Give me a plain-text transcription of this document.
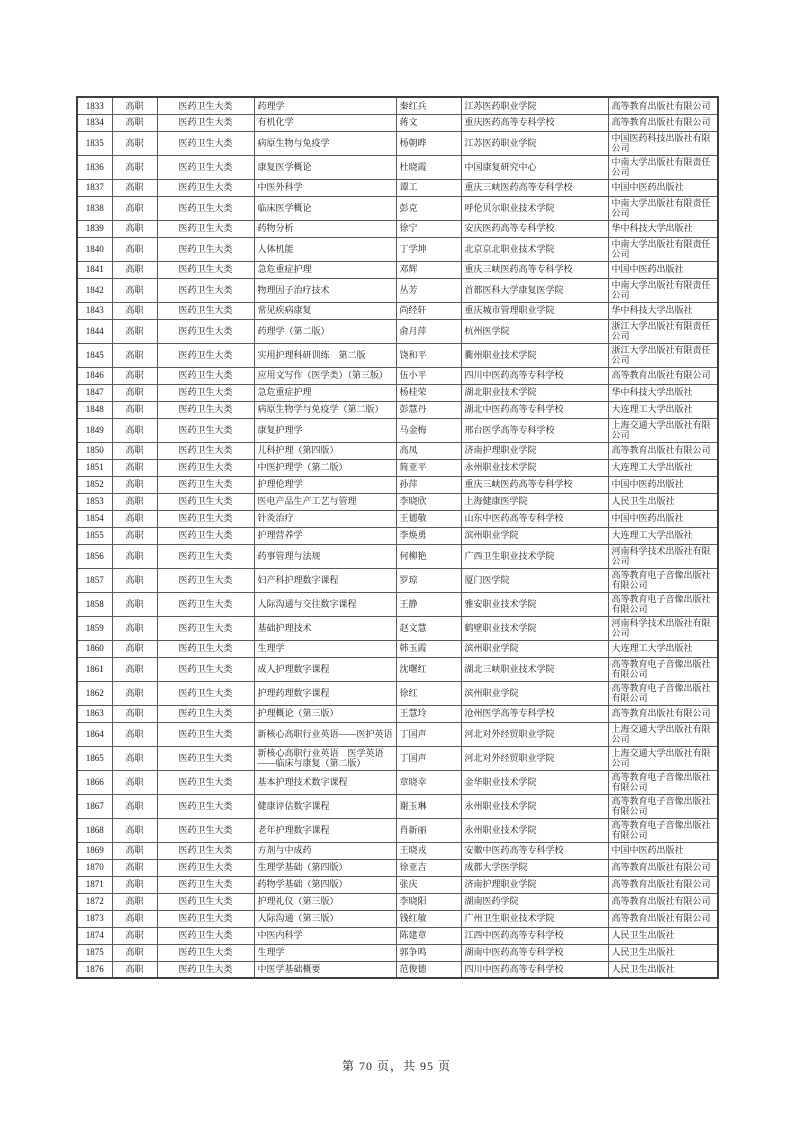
1833	高职	医药卫生大类	药理学	秦红兵	江苏医药职业学院	高等教育出版社有限公司
1834	高职	医药卫生大类	有机化学	蒋文	重庆医药高等专科学校	高等教育出版社有限公司
1835	高职	医药卫生大类	病原生物与免疫学	杨朝晔	江苏医药职业学院	中国医药科技出版社有限公司
1836	高职	医药卫生大类	康复医学概论	杜晓霞	中国康复研究中心	中南大学出版社有限责任公司
1837	高职	医药卫生大类	中医外科学	谭工	重庆三峡医药高等专科学校	中国中医药出版社
1838	高职	医药卫生大类	临床医学概论	彭克	呼伦贝尔职业技术学院	中南大学出版社有限责任公司
1839	高职	医药卫生大类	药物分析	徐宁	安庆医药高等专科学校	华中科技大学出版社
1840	高职	医药卫生大类	人体机能	丁学坤	北京京北职业技术学院	中南大学出版社有限责任公司
1841	高职	医药卫生大类	急危重症护理	邓辉	重庆三峡医药高等专科学校	中国中医药出版社
1842	高职	医药卫生大类	物理因子治疗技术	丛芳	首都医科大学康复医学院	中南大学出版社有限责任公司
1843	高职	医药卫生大类	常见疾病康复	尚经轩	重庆城市管理职业学院	华中科技大学出版社
1844	高职	医药卫生大类	药理学（第二版）	俞月萍	杭州医学院	浙江大学出版社有限责任公司
1845	高职	医药卫生大类	实用护理科研训练　第二版	饶和平	衢州职业技术学院	浙江大学出版社有限责任公司
1846	高职	医药卫生大类	应用文写作（医学类）（第三版）	伍小平	四川中医药高等专科学校	高等教育出版社有限公司
1847	高职	医药卫生大类	急危重症护理	杨桂荣	湖北职业技术学院	华中科技大学出版社
1848	高职	医药卫生大类	病原生物学与免疫学（第二版）	彭慧丹	湖北中医药高等专科学校	大连理工大学出版社
1849	高职	医药卫生大类	康复护理学	马金梅	邢台医学高等专科学校	上海交通大学出版社有限公司
1850	高职	医药卫生大类	儿科护理（第四版）	高凤	济南护理职业学院	高等教育出版社有限公司
1851	高职	医药卫生大类	中医护理学（第二版）	简亚平	永州职业技术学院	大连理工大学出版社
1852	高职	医药卫生大类	护理伦理学	孙萍	重庆三峡医药高等专科学校	中国中医药出版社
1853	高职	医药卫生大类	医电产品生产工艺与管理	李晓欣	上海健康医学院	人民卫生出版社
1854	高职	医药卫生大类	针灸治疗	王德敬	山东中医药高等专科学校	中国中医药出版社
1855	高职	医药卫生大类	护理营养学	李焕勇	滨州职业学院	大连理工大学出版社
1856	高职	医药卫生大类	药事管理与法规	何柳艳	广西卫生职业技术学院	河南科学技术出版社有限公司
1857	高职	医药卫生大类	妇产科护理数字课程	罗琼	厦门医学院	高等教育电子音像出版社有限公司
1858	高职	医药卫生大类	人际沟通与交往数字课程	王静	雅安职业技术学院	高等教育电子音像出版社有限公司
1859	高职	医药卫生大类	基础护理技术	赵文慧	鹤壁职业技术学院	河南科学技术出版社有限公司
1860	高职	医药卫生大类	生理学	韩玉霞	滨州职业学院	大连理工大学出版社
1861	高职	医药卫生大类	成人护理数字课程	沈曙红	湖北三峡职业技术学院	高等教育电子音像出版社有限公司
1862	高职	医药卫生大类	护理药理数字课程	徐红	滨州职业学院	高等教育电子音像出版社有限公司
1863	高职	医药卫生大类	护理概论（第三版）	王慧玲	沧州医学高等专科学校	高等教育出版社有限公司
1864	高职	医药卫生大类	新核心高职行业英语——医护英语	丁国声	河北对外经贸职业学院	上海交通大学出版社有限公司
1865	高职	医药卫生大类	新核心高职行业英语　医学英语——临床与康复（第二版）	丁国声	河北对外经贸职业学院	上海交通大学出版社有限公司
1866	高职	医药卫生大类	基本护理技术数字课程	章晓幸	金华职业技术学院	高等教育电子音像出版社有限公司
1867	高职	医药卫生大类	健康评估数字课程	谢玉琳	永州职业技术学院	高等教育电子音像出版社有限公司
1868	高职	医药卫生大类	老年护理数字课程	肖新丽	永州职业技术学院	高等教育电子音像出版社有限公司
1869	高职	医药卫生大类	方剂与中成药	王晓戎	安徽中医药高等专科学校	中国中医药出版社
1870	高职	医药卫生大类	生理学基础（第四版）	徐亚吉	成都大学医学院	高等教育出版社有限公司
1871	高职	医药卫生大类	药物学基础（第四版）	张庆	济南护理职业学院	高等教育出版社有限公司
1872	高职	医药卫生大类	护理礼仪（第三版）	李晓阳	湖南医药学院	高等教育出版社有限公司
1873	高职	医药卫生大类	人际沟通（第三版）	钱红敏	广州卫生职业技术学院	高等教育出版社有限公司
1874	高职	医药卫生大类	中医内科学	陈建章	江西中医药高等专科学校	人民卫生出版社
1875	高职	医药卫生大类	生理学	郭争鸣	湖南中医药高等专科学校	人民卫生出版社
1876	高职	医药卫生大类	中医学基础概要	范俊德	四川中医药高等专科学校	人民卫生出版社
第 70 页，共 95 页
